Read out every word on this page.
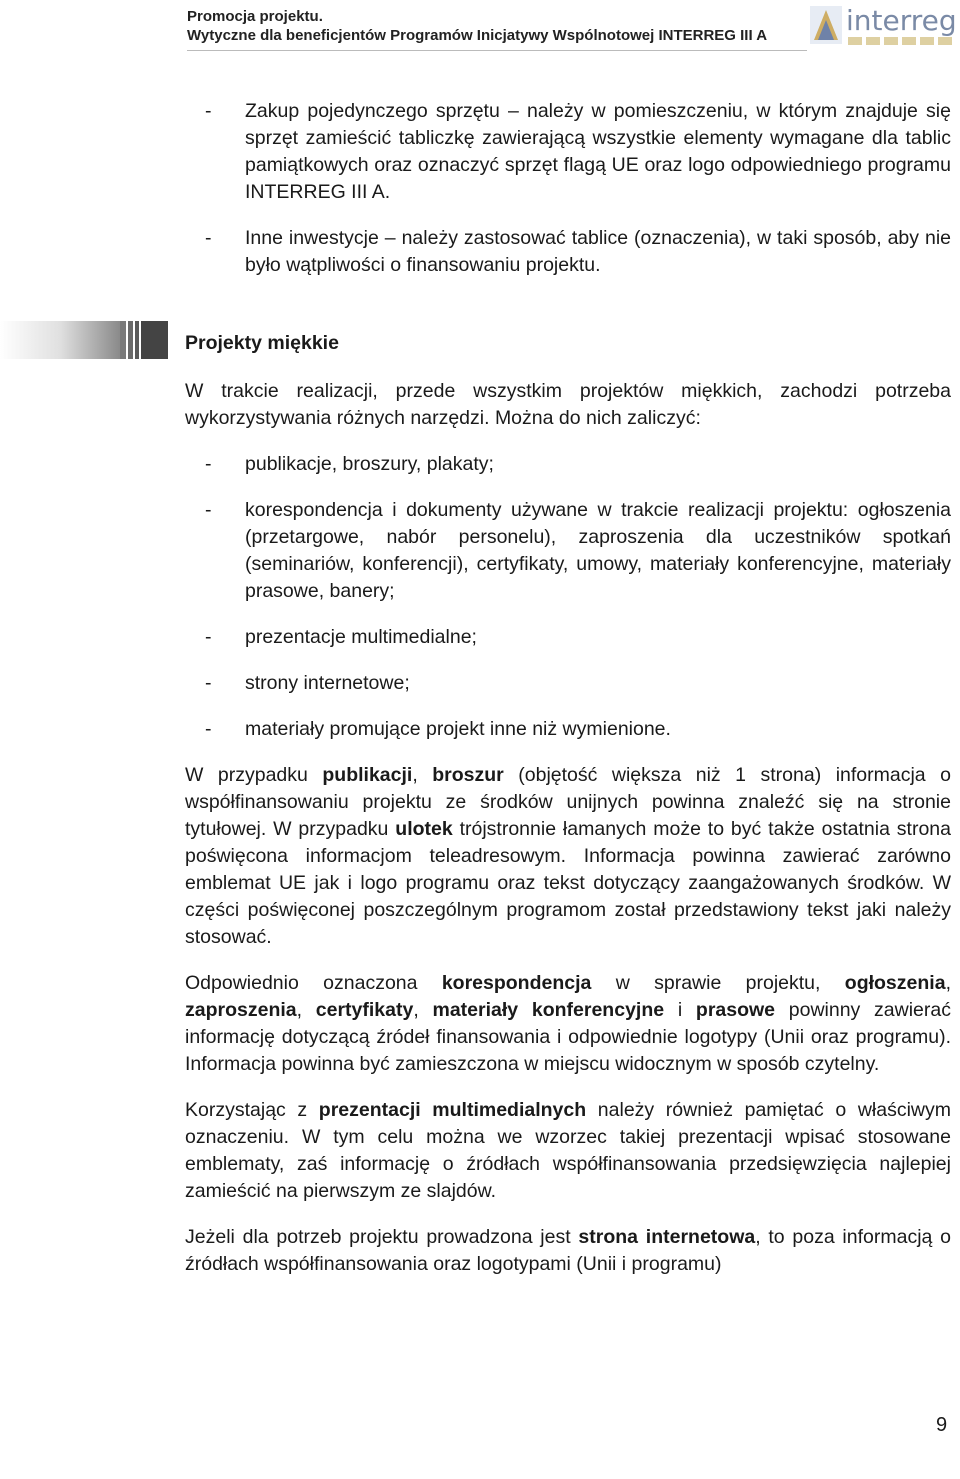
Promocja projektu.
Wytyczne dla beneficjentów Programów Inicjatywy Wspólnotowej INTERREG III A	interreg
Projekty miękkie
- Zakup pojedynczego sprzętu – należy w pomieszczeniu, w którym znajduje się sprzęt zamieścić tabliczkę zawierającą wszystkie elementy wymagane dla tablic pamiątkowych oraz oznaczyć sprzęt flagą UE oraz logo odpowiedniego programu INTERREG III A.
- Inne inwestycje – należy zastosować tablice (oznaczenia), w taki sposób, aby nie było wątpliwości o finansowaniu projektu.
W trakcie realizacji, przede wszystkim projektów miękkich, zachodzi potrzeba wykorzystywania różnych narzędzi. Można do nich zaliczyć:
- publikacje, broszury, plakaty;
- korespondencja i dokumenty używane w trakcie realizacji projektu: ogłoszenia (przetargowe, nabór personelu), zaproszenia dla uczestników spotkań (seminariów, konferencji), certyfikaty, umowy, materiały konferencyjne, materiały prasowe, banery;
- prezentacje multimedialne;
- strony internetowe;
- materiały promujące projekt inne niż wymienione.
W przypadku publikacji, broszur (objętość większa niż 1 strona) informacja o współfinansowaniu projektu ze środków unijnych powinna znaleźć się na stronie tytułowej. W przypadku ulotek trójstronnie łamanych może to być także ostatnia strona poświęcona informacjom teleadresowym. Informacja powinna zawierać zarówno emblemat UE jak i logo programu oraz tekst dotyczący zaangażowanych środków. W części poświęconej poszczególnym programom został przedstawiony tekst jaki należy stosować.
Odpowiednio oznaczona korespondencja w sprawie projektu, ogłoszenia, zaproszenia, certyfikaty, materiały konferencyjne i prasowe powinny zawierać informację dotyczącą źródeł finansowania i odpowiednie logotypy (Unii oraz programu). Informacja powinna być zamieszczona w miejscu widocznym w sposób czytelny.
Korzystając z prezentacji multimedialnych należy również pamiętać o właściwym oznaczeniu. W tym celu można we wzorzec takiej prezentacji wpisać stosowane emblematy, zaś informację o źródłach współfinansowania przedsięwzięcia najlepiej zamieścić na pierwszym ze slajdów.
Jeżeli dla potrzeb projektu prowadzona jest strona internetowa, to poza informacją o źródłach współfinansowania oraz logotypami (Unii i programu)
9
